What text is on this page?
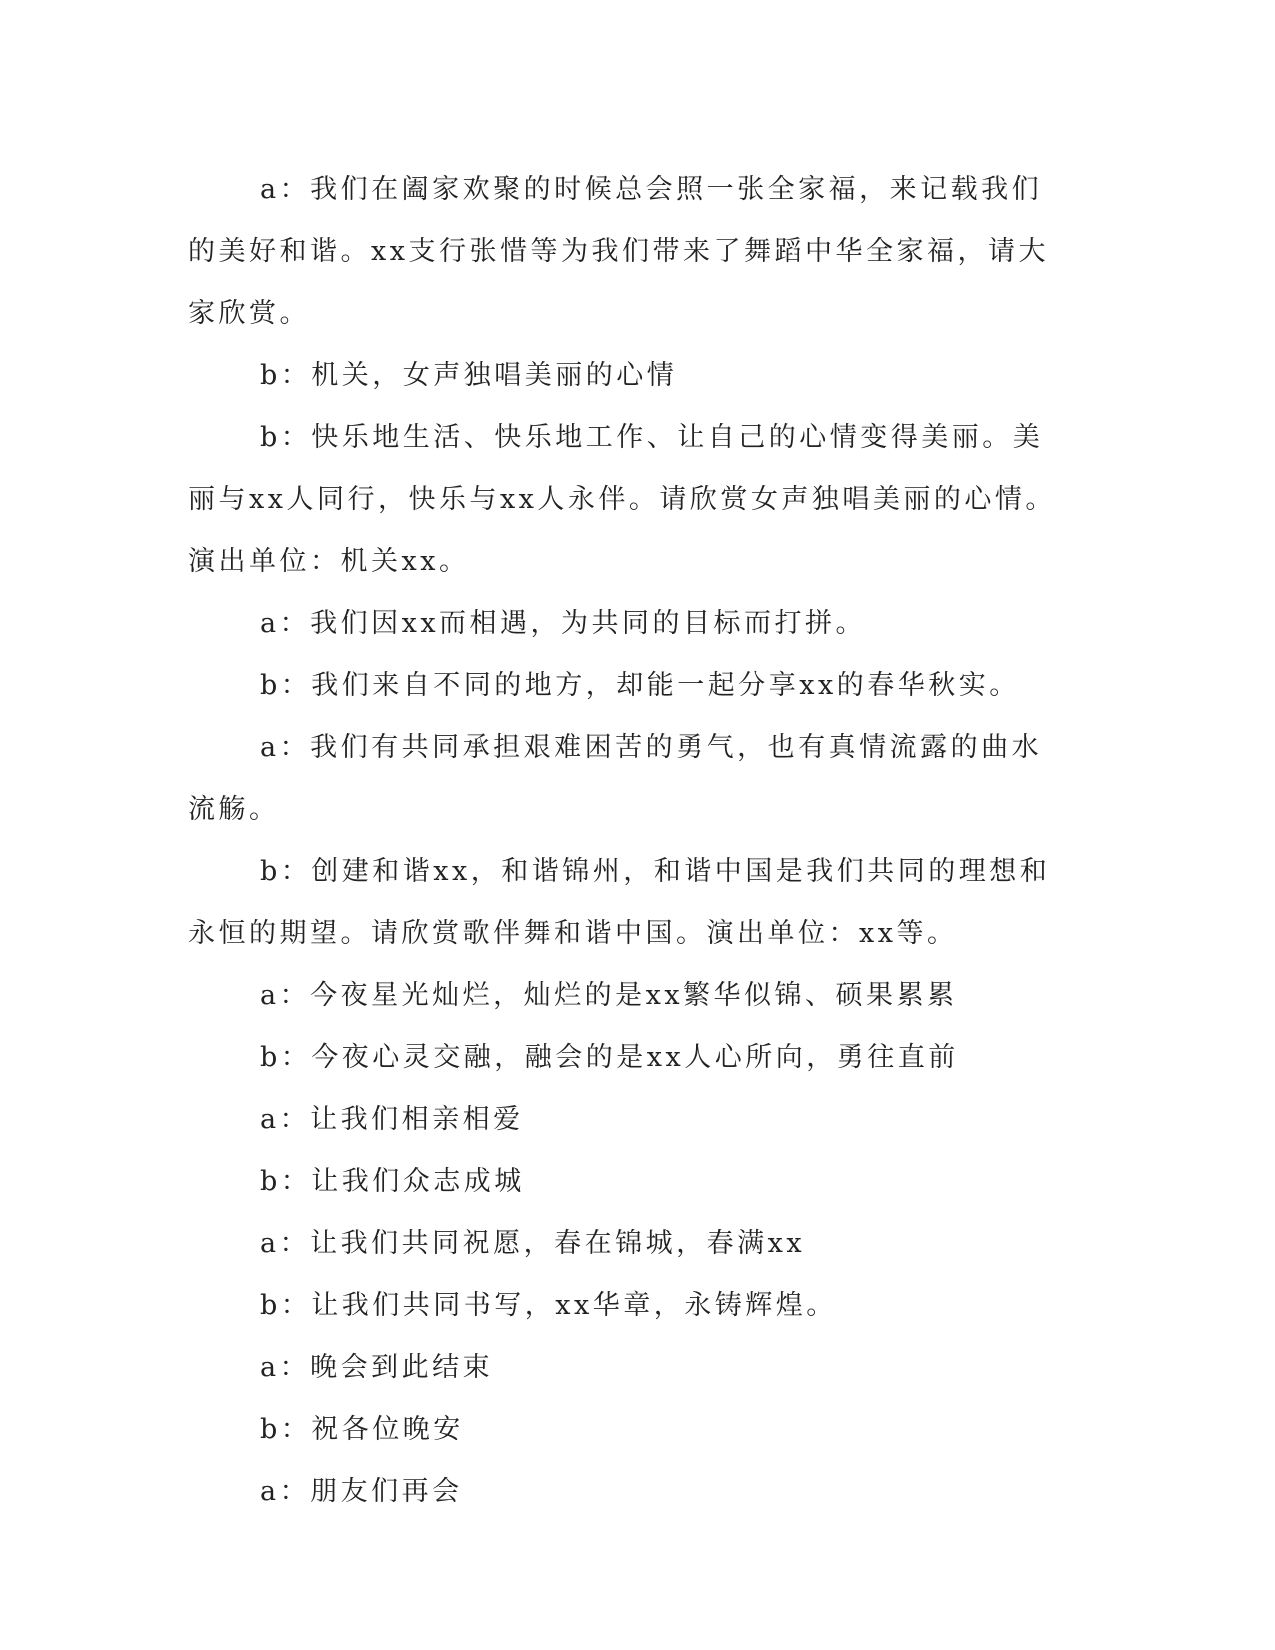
a：我们在阖家欢聚的时候总会照一张全家福，来记载我们的美好和谐。xx支行张惜等为我们带来了舞蹈中华全家福，请大家欣赏。

b：机关，女声独唱美丽的心情

b：快乐地生活、快乐地工作、让自己的心情变得美丽。美丽与xx人同行，快乐与xx人永伴。请欣赏女声独唱美丽的心情。演出单位：机关xx。

a：我们因xx而相遇，为共同的目标而打拼。

b：我们来自不同的地方，却能一起分享xx的春华秋实。

a：我们有共同承担艰难困苦的勇气，也有真情流露的曲水流觞。

b：创建和谐xx，和谐锦州，和谐中国是我们共同的理想和永恒的期望。请欣赏歌伴舞和谐中国。演出单位：xx等。

a：今夜星光灿烂，灿烂的是xx繁华似锦、硕果累累

b：今夜心灵交融，融会的是xx人心所向，勇往直前

a：让我们相亲相爱

b：让我们众志成城

a：让我们共同祝愿，春在锦城，春满xx

b：让我们共同书写，xx华章，永铸辉煌。

a：晚会到此结束

b：祝各位晚安

a：朋友们再会
